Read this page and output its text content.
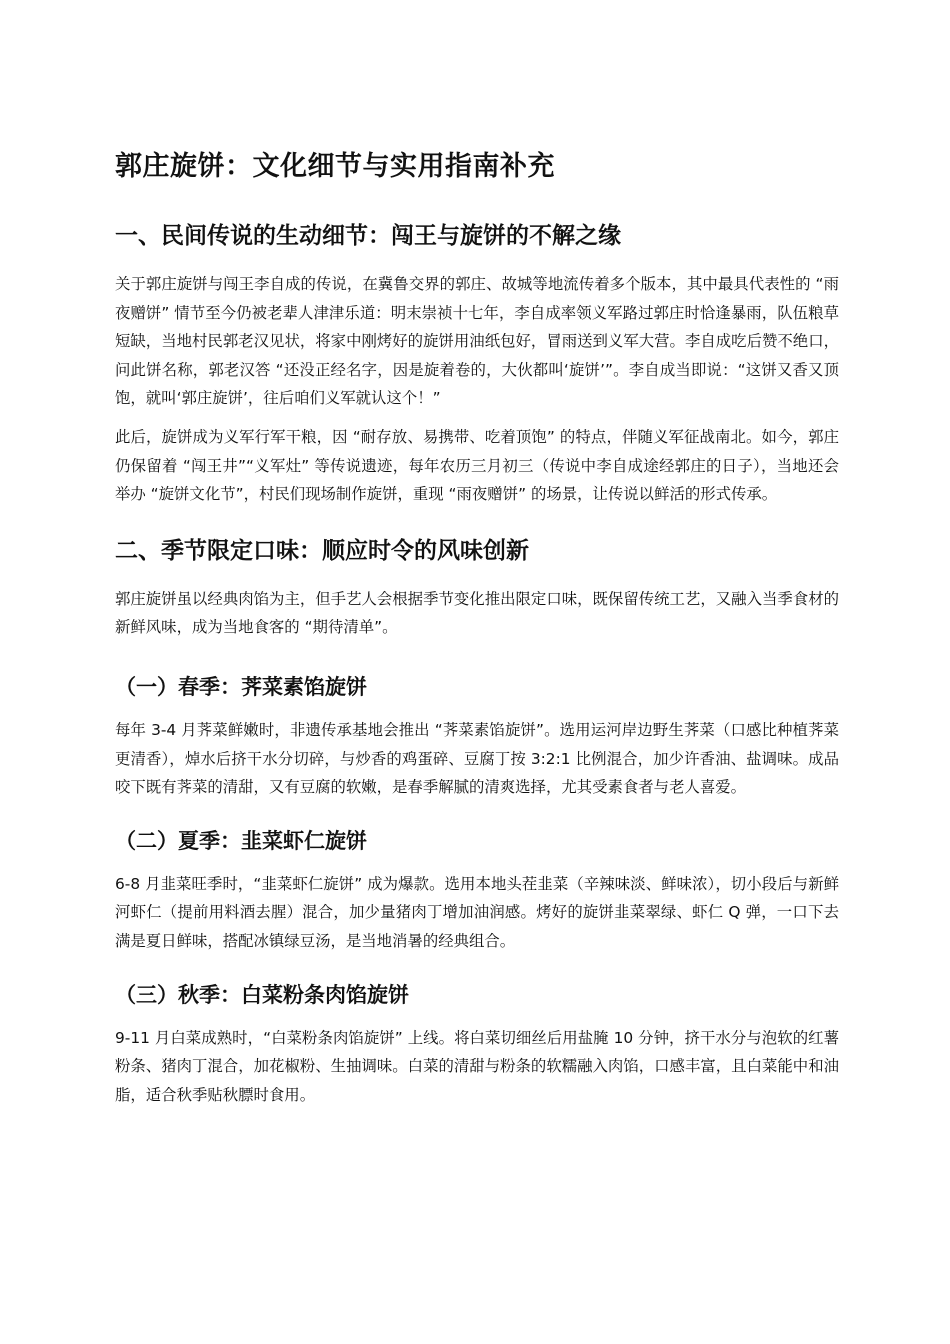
郭庄旋饼：文化细节与实用指南补充
一、民间传说的生动细节：闯王与旋饼的不解之缘

关于郭庄旋饼与闯王李自成的传说，在冀鲁交界的郭庄、故城等地流传着多个版本，其中最具代表性的 “雨夜赠饼” 情节至今仍被老辈人津津乐道：明末崇祯十七年，李自成率领义军路过郭庄时恰逢暴雨，队伍粮草短缺，当地村民郭老汉见状，将家中刚烤好的旋饼用油纸包好，冒雨送到义军大营。李自成吃后赞不绝口，问此饼名称，郭老汉答 “还没正经名字，因是旋着卷的，大伙都叫‘旋饼’”。李自成当即说：“这饼又香又顶饱，就叫‘郭庄旋饼’，往后咱们义军就认这个！”

此后，旋饼成为义军行军干粮，因 “耐存放、易携带、吃着顶饱” 的特点，伴随义军征战南北。如今，郭庄仍保留着 “闯王井”“义军灶” 等传说遗迹，每年农历三月初三（传说中李自成途经郭庄的日子），当地还会举办 “旋饼文化节”，村民们现场制作旋饼，重现 “雨夜赠饼” 的场景，让传说以鲜活的形式传承。

二、季节限定口味：顺应时令的风味创新

郭庄旋饼虽以经典肉馅为主，但手艺人会根据季节变化推出限定口味，既保留传统工艺，又融入当季食材的新鲜风味，成为当地食客的 “期待清单”。

（一）春季：荠菜素馅旋饼

每年 3-4 月荠菜鲜嫩时，非遗传承基地会推出 “荠菜素馅旋饼”。选用运河岸边野生荠菜（口感比种植荠菜更清香），焯水后挤干水分切碎，与炒香的鸡蛋碎、豆腐丁按 3:2:1 比例混合，加少许香油、盐调味。成品咬下既有荠菜的清甜，又有豆腐的软嫩，是春季解腻的清爽选择，尤其受素食者与老人喜爱。

（二）夏季：韭菜虾仁旋饼

6-8 月韭菜旺季时，“韭菜虾仁旋饼” 成为爆款。选用本地头茬韭菜（辛辣味淡、鲜味浓），切小段后与新鲜河虾仁（提前用料酒去腥）混合，加少量猪肉丁增加油润感。烤好的旋饼韭菜翠绿、虾仁 Q 弹，一口下去满是夏日鲜味，搭配冰镇绿豆汤，是当地消暑的经典组合。

（三）秋季：白菜粉条肉馅旋饼

9-11 月白菜成熟时，“白菜粉条肉馅旋饼” 上线。将白菜切细丝后用盐腌 10 分钟，挤干水分与泡软的红薯粉条、猪肉丁混合，加花椒粉、生抽调味。白菜的清甜与粉条的软糯融入肉馅，口感丰富，且白菜能中和油脂，适合秋季贴秋膘时食用。
